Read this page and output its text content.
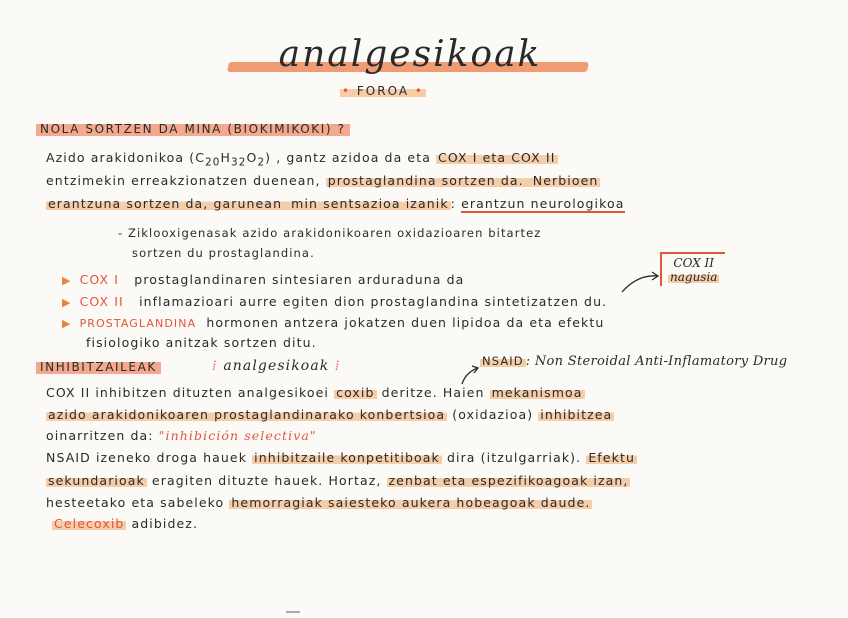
analgesikoak
• FOROA •
NOLA SORTZEN DA MINA (BIOKIMIKOKI) ?
Azido arakidonikoa $(C_{20}H_{32}O_2)$ , gantz azidoa da eta COX I eta COX II
entzimekin erreakzionatzen duenean, prostaglandina sortzen da. Nerbioen
erantzuna sortzen da, garunean min sentsazioa izanik : erantzun neurologikoa
- Ziklooxigenasak azido arakidonikoaren oxidazioaren bitartez
sortzen du prostaglandina.
COX II
nagusia
▶ COX I prostaglandinaren sintesiaren arduraduna da
▶ COX II inflamazioari aurre egiten dion prostaglandina sintetizatzen du.
▶ PROSTAGLANDINA hormonen antzera jokatzen duen lipidoa da eta efektu
fisiologiko anitzak sortzen ditu.
INHIBITZAILEAK	⁞ analgesikoak ⁞	NSAID : Non Steroidal Anti-Inflamatory Drug
COX II inhibitzen dituzten analgesikoei coxib deritze. Haien mekanismoa
azido arakidonikoaren prostaglandinarako konbertsioa (oxidazioa) inhibitzea
oinarritzen da: "inhibición selectiva"
NSAID izeneko droga hauek inhibitzaile konpetitiboak dira (itzulgarriak). Efektu
sekundarioak eragiten dituzte hauek. Hortaz, zenbat eta espezifikoagoak izan,
hesteetako eta sabeleko hemorragiak saiesteko aukera hobeagoak daude.
Celecoxib adibidez.
